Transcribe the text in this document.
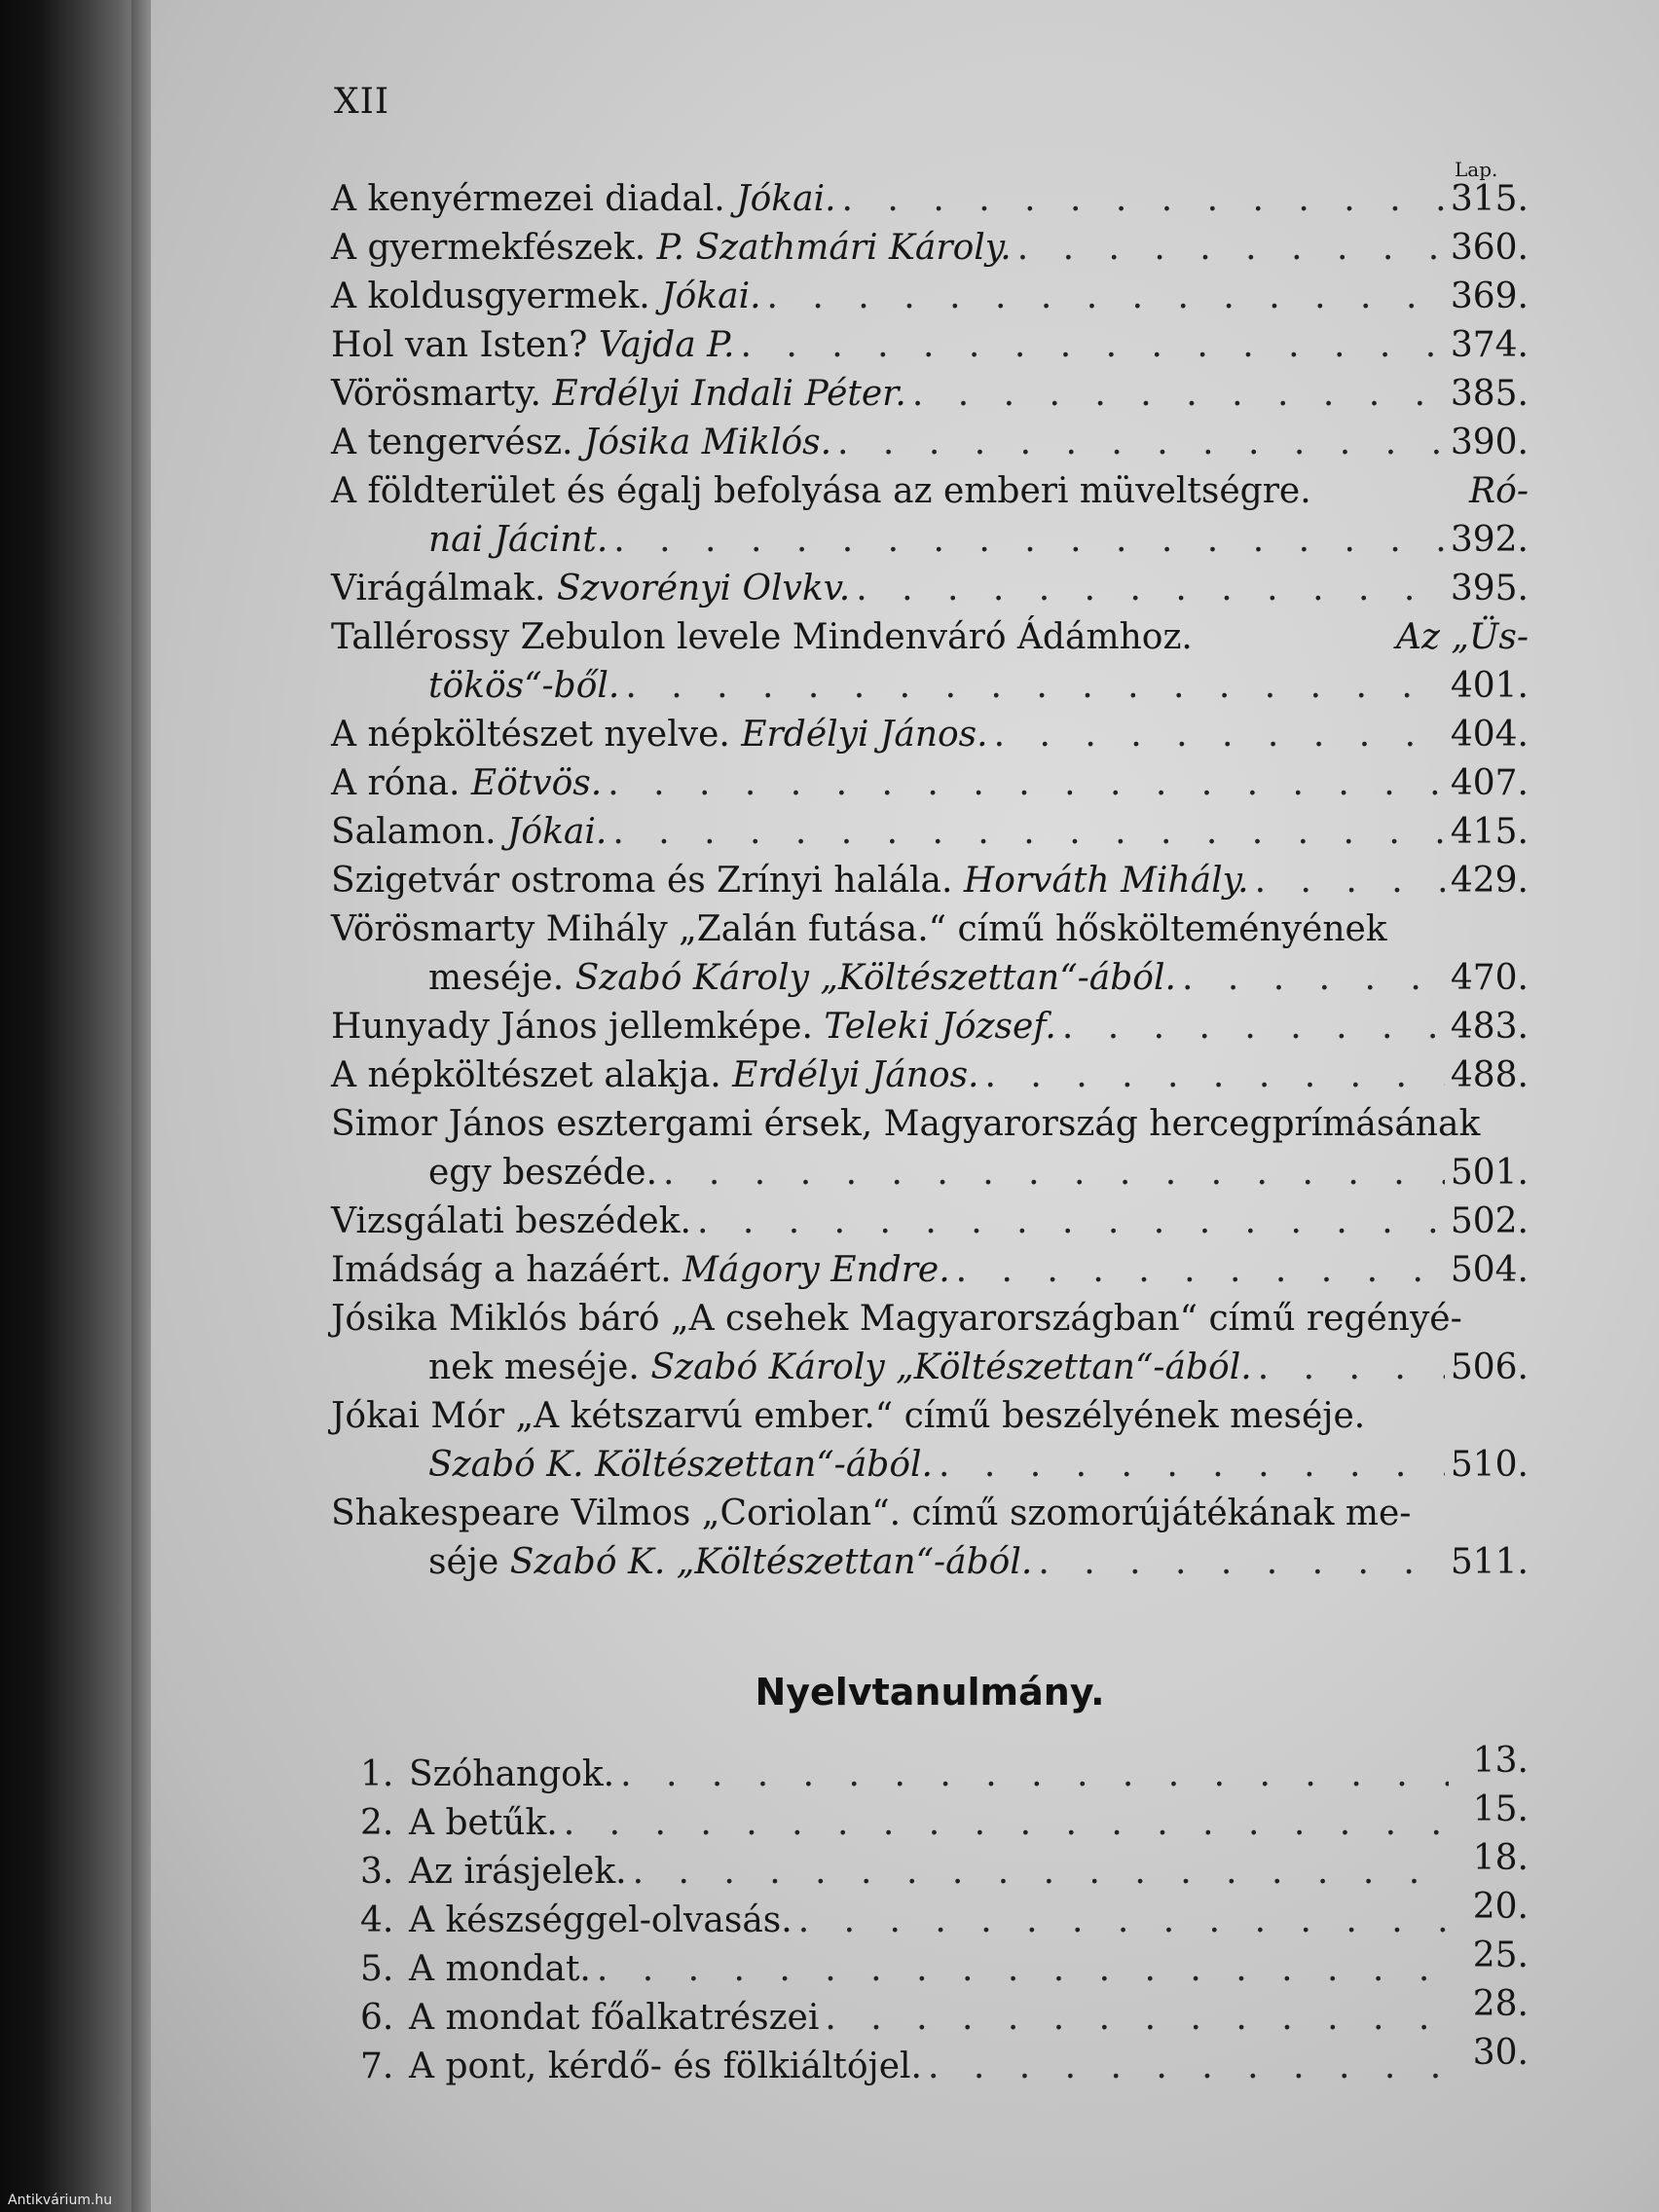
XII
Lap.
A kenyérmezei diadal. Jókai. . . .	315.
A gyermekfészek. P. Szathmári Károly. . . .	360.
A koldusgyermek. Jókai. . . .	369.
Hol van Isten? Vajda P. . . .	374.
Vörösmarty. Erdélyi Indali Péter. . . .	385.
A tengervész. Jósika Miklós. . . .	390.
A földterület és égalj befolyása az emberi müveltségre.	Ró-
nai Jácint. . . .	392.
Virágálmak. Szvorényi Olvkv. . . .	395.
Tallérossy Zebulon levele Mindenváró Ádámhoz.	Az „Üs-
tökös“-ből. . . .	401.
A népköltészet nyelve. Erdélyi János. . . .	404.
A róna. Eötvös. . . .	407.
Salamon. Jókai. . . .	415.
Szigetvár ostroma és Zrínyi halála. Horváth Mihály. . . .	429.
Vörösmarty Mihály „Zalán futása.“ című hőskölteményének
meséje. Szabó Károly „Költészettan“-ából. . . .	470.
Hunyady János jellemképe. Teleki József. . . .	483.
A népköltészet alakja. Erdélyi János. . . .	488.
Simor János esztergami érsek, Magyarország hercegprímásának
egy beszéde. . . .	501.
Vizsgálati beszédek. . . .	502.
Imádság a hazáért. Mágory Endre. . . .	504.
Jósika Miklós báró „A csehek Magyarországban“ című regényé-
nek meséje. Szabó Károly „Költészettan“-ából. . . .	506.
Jókai Mór „A kétszarvú ember.“ című beszélyének meséje.
Szabó K. Költészettan“-ából. . . .	510.
Shakespeare Vilmos „Coriolan“. című szomorújátékának me-
séje Szabó K. „Költészettan“-ából. . . .	511.
Nyelvtanulmány.
1. Szóhangok. . . .	13.
2. A betűk. . . .	15.
3. Az irásjelek. . . .	18.
4. A készséggel-olvasás. . . .	20.
5. A mondat. . . .	25.
6. A mondat főalkatrészei . . .	28.
7. A pont, kérdő- és fölkiáltójel. . . .	30.
Antikvárium.hu
